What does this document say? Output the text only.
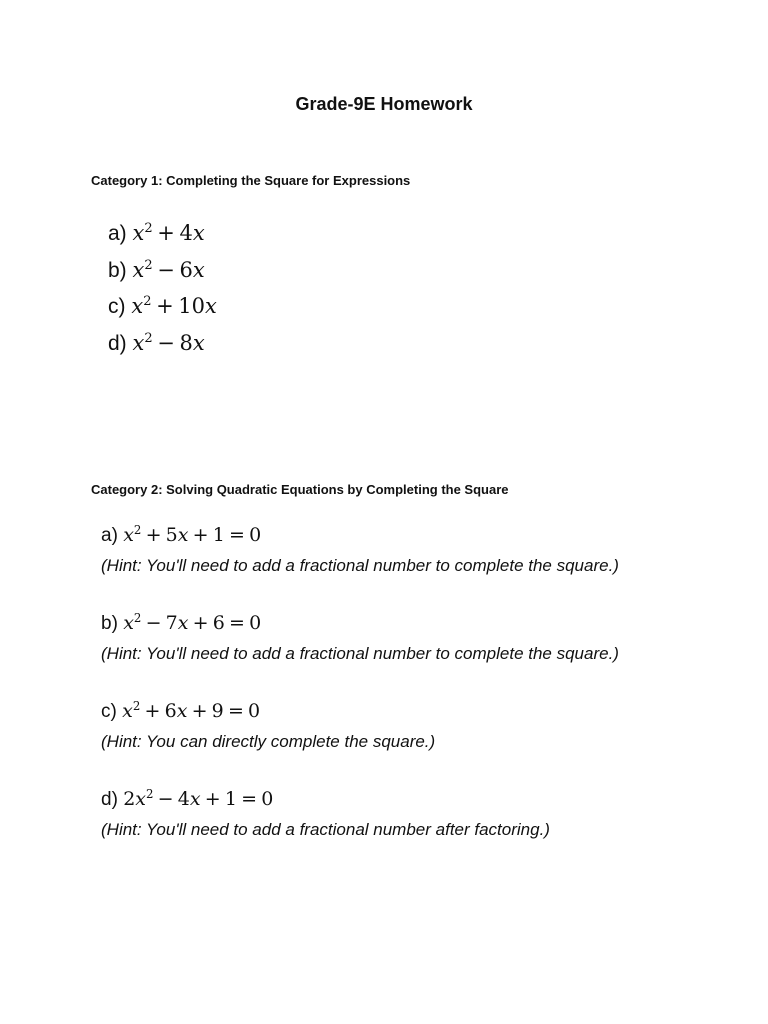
Grade-9E Homework
Category 1: Completing the Square for Expressions
a) $x^2 + 4x$
b) $x^2 - 6x$
c) $x^2 + 10x$
d) $x^2 - 8x$
Category 2: Solving Quadratic Equations by Completing the Square
a) $x^2 + 5x + 1 = 0$
(Hint: You'll need to add a fractional number to complete the square.)
b) $x^2 - 7x + 6 = 0$
(Hint: You'll need to add a fractional number to complete the square.)
c) $x^2 + 6x + 9 = 0$
(Hint: You can directly complete the square.)
d) $2x^2 - 4x + 1 = 0$
(Hint: You'll need to add a fractional number after factoring.)
